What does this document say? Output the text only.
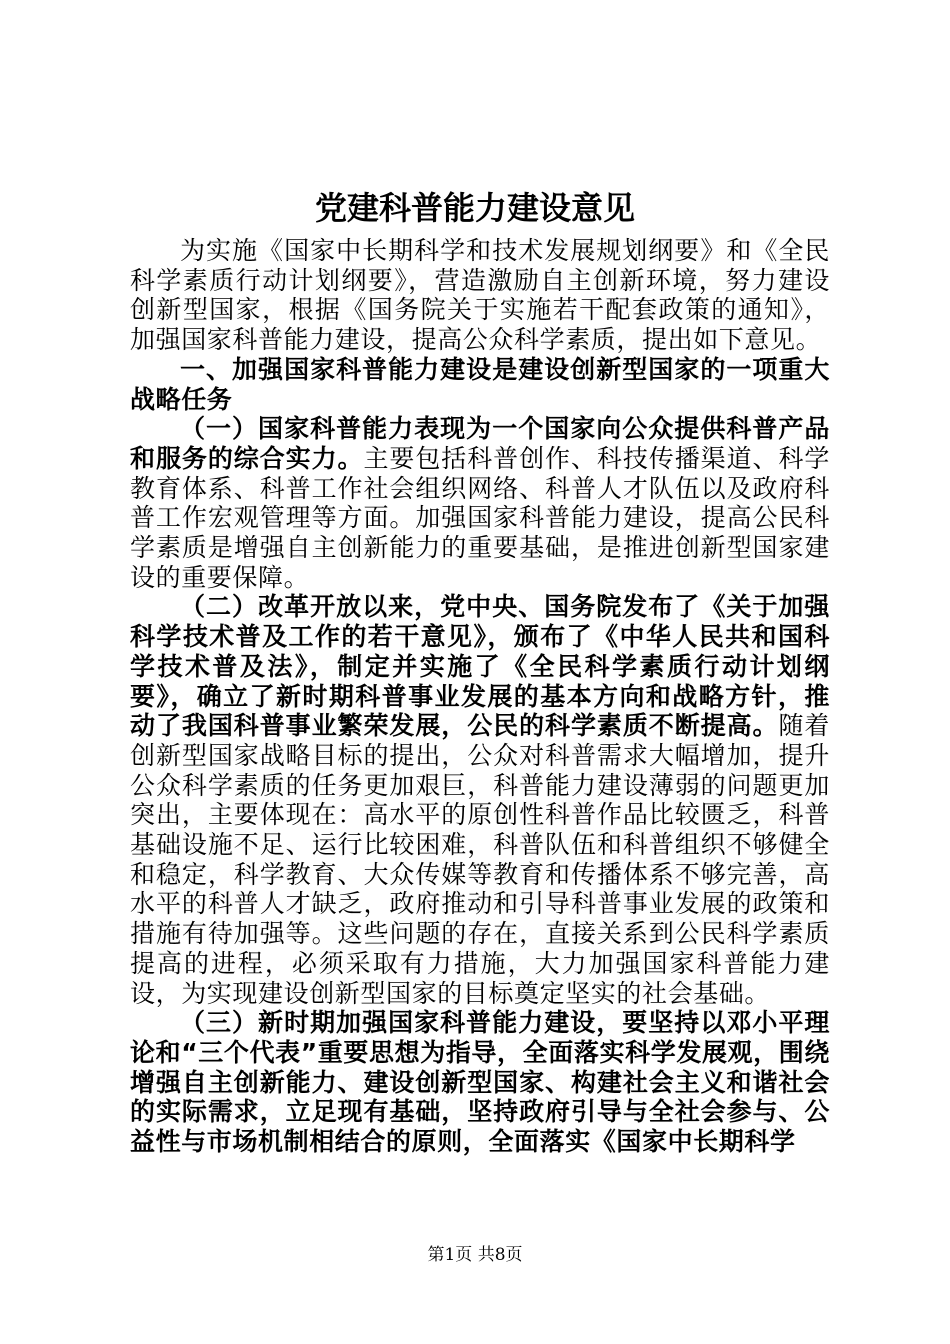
党建科普能力建设意见

为实施《国家中长期科学和技术发展规划纲要》和《全民科学素质行动计划纲要》，营造激励自主创新环境，努力建设创新型国家，根据《国务院关于实施若干配套政策的通知》，加强国家科普能力建设，提高公众科学素质，提出如下意见。

一、加强国家科普能力建设是建设创新型国家的一项重大战略任务

（一）国家科普能力表现为一个国家向公众提供科普产品和服务的综合实力。主要包括科普创作、科技传播渠道、科学教育体系、科普工作社会组织网络、科普人才队伍以及政府科普工作宏观管理等方面。加强国家科普能力建设，提高公民科学素质是增强自主创新能力的重要基础，是推进创新型国家建设的重要保障。

（二）改革开放以来，党中央、国务院发布了《关于加强科学技术普及工作的若干意见》，颁布了《中华人民共和国科学技术普及法》，制定并实施了《全民科学素质行动计划纲要》，确立了新时期科普事业发展的基本方向和战略方针，推动了我国科普事业繁荣发展，公民的科学素质不断提高。随着创新型国家战略目标的提出，公众对科普需求大幅增加，提升公众科学素质的任务更加艰巨，科普能力建设薄弱的问题更加突出，主要体现在：高水平的原创性科普作品比较匮乏，科普基础设施不足、运行比较困难，科普队伍和科普组织不够健全和稳定，科学教育、大众传媒等教育和传播体系不够完善，高水平的科普人才缺乏，政府推动和引导科普事业发展的政策和措施有待加强等。这些问题的存在，直接关系到公民科学素质提高的进程，必须采取有力措施，大力加强国家科普能力建设，为实现建设创新型国家的目标奠定坚实的社会基础。

（三）新时期加强国家科普能力建设，要坚持以邓小平理论和“三个代表”重要思想为指导，全面落实科学发展观，围绕增强自主创新能力、建设创新型国家、构建社会主义和谐社会的实际需求，立足现有基础，坚持政府引导与全社会参与、公益性与市场机制相结合的原则，全面落实《国家中长期科学

第1页 共8页
